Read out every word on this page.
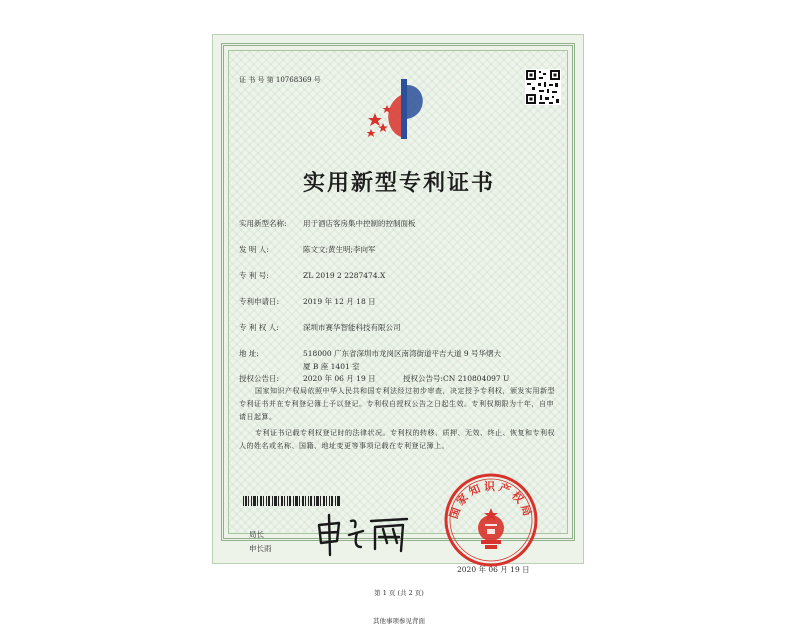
证 书 号 第 10768369 号
实用新型专利证书
实用新型名称: 用于酒店客房集中控制的控制面板
发 明 人:	陈文文;黄生明;李向军
专 利 号:	ZL 2019 2 2287474.X
专利申请日:	2019 年 12 月 18 日
专 利 权 人:	深圳市赛华智能科技有限公司
地 址:	518000 广东省深圳市龙岗区南湾街道平吉大道 9 号华熠大
厦 B 座 1401 室
授权公告日:	2020 年 06 月 19 日	授权公告号:CN 210804097 U
国家知识产权局依照中华人民共和国专利法经过初步审查，决定授予专利权，颁发实用新型专利证书并在专利登记簿上予以登记。专利权自授权公告之日起生效。专利权期限为十年，自申请日起算。
专利证书记载专利权登记时的法律状况。专利权的转移、质押、无效、终止、恢复和专利权人的姓名或名称、国籍、地址变更等事项记载在专利登记簿上。
局长
申长雨
国家知识产权局
2020 年 06 月 19 日
第 1 页 (共 2 页)
其他事项参见背面
